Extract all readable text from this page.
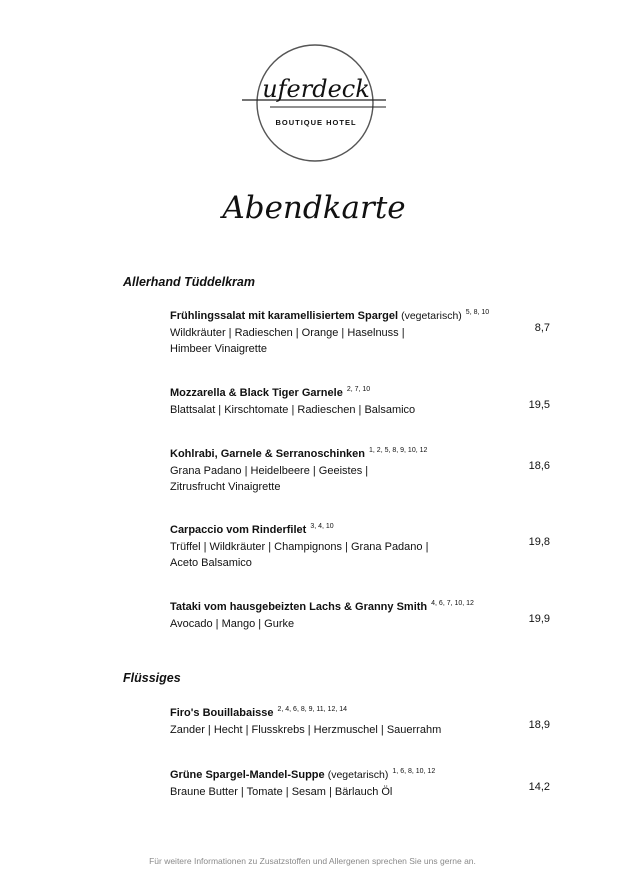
uferdeck
BOUTIQUE HOTEL
Abendkarte
Allerhand Tüddelkram
Frühlingssalat mit karamellisiertem Spargel (vegetarisch) $^{5, 8, 10}$
Wildkräuter | Radieschen | Orange | Haselnuss |
Himbeer Vinaigrette
8,7
Mozzarella & Black Tiger Garnele $^{2, 7, 10}$
Blattsalat | Kirschtomate | Radieschen | Balsamico	19,5
Kohlrabi, Garnele & Serranoschinken $^{1, 2, 5, 8, 9, 10, 12}$
Grana Padano | Heidelbeere | Geeistes |
Zitrusfrucht Vinaigrette
18,6
Carpaccio vom Rinderfilet $^{3, 4, 10}$
Trüffel | Wildkräuter | Champignons | Grana Padano |
Aceto Balsamico
19,8
Tataki vom hausgebeizten Lachs & Granny Smith $^{4, 6, 7, 10, 12}$
Avocado | Mango | Gurke	19,9
Flüssiges
Firo's Bouillabaisse $^{2, 4, 6, 8, 9, 11, 12, 14}$
Zander | Hecht | Flusskrebs | Herzmuschel | Sauerrahm	18,9
Grüne Spargel-Mandel-Suppe (vegetarisch) $^{1, 6, 8, 10, 12}$
Braune Butter | Tomate | Sesam | Bärlauch Öl	14,2
Für weitere Informationen zu Zusatzstoffen und Allergenen sprechen Sie uns gerne an.
